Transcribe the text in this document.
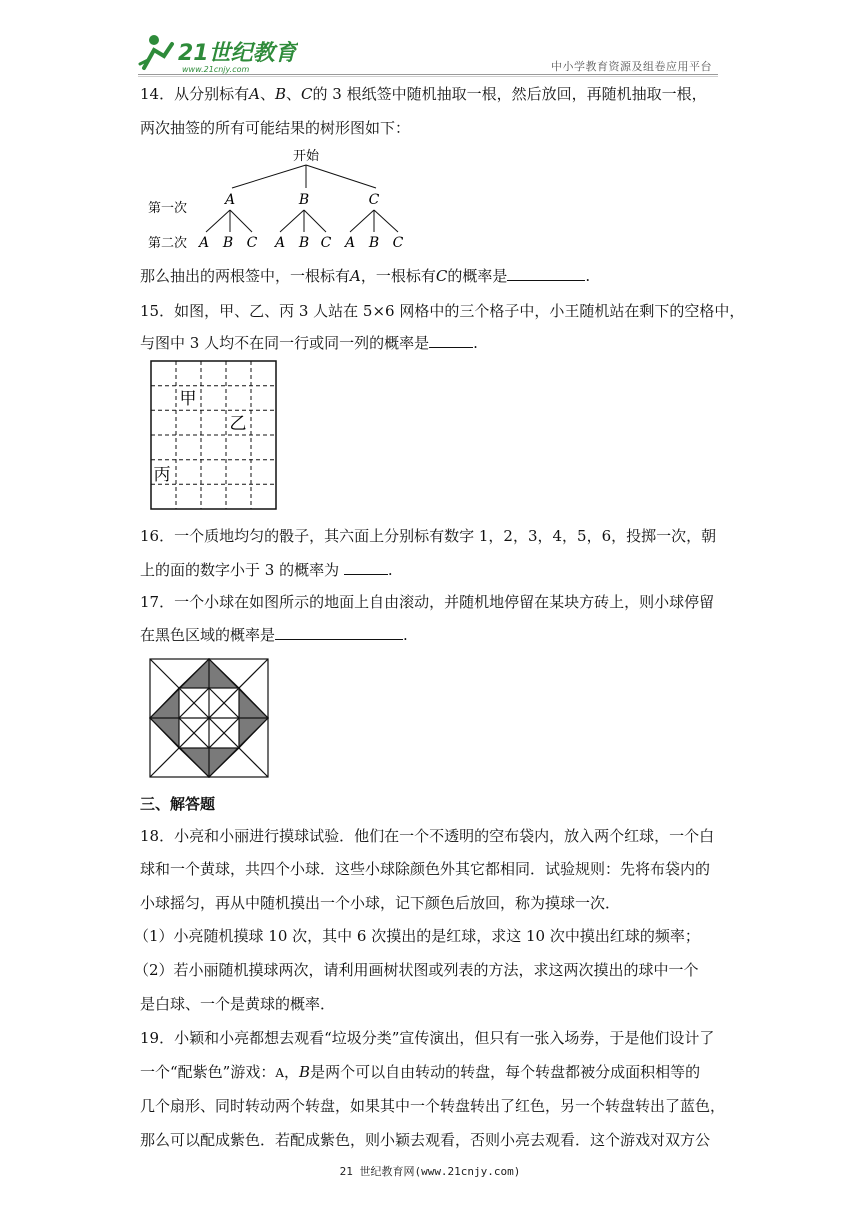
21世纪教育
www.21cnjy.com	中小学教育资源及组卷应用平台
14．从分别标有A、B、C的 3 根纸签中随机抽取一根，然后放回，再随机抽取一根，
两次抽签的所有可能结果的树形图如下：
开始
第一次
A	B	C
第二次 A B C A B C A B C
那么抽出的两根签中，一根标有A，一根标有C的概率是	.
15．如图，甲、乙、丙 3 人站在 5×6 网格中的三个格子中，小王随机站在剩下的空格中，
与图中 3 人均不在同一行或同一列的概率是	.
甲
乙
丙
16．一个质地均匀的骰子，其六面上分别标有数字 1，2，3，4，5，6，投掷一次，朝
上的面的数字小于 3 的概率为	.
17．一个小球在如图所示的地面上自由滚动，并随机地停留在某块方砖上，则小球停留
在黑色区域的概率是	.
三、解答题
18．小亮和小丽进行摸球试验．他们在一个不透明的空布袋内，放入两个红球，一个白
球和一个黄球，共四个小球．这些小球除颜色外其它都相同．试验规则：先将布袋内的
小球摇匀，再从中随机摸出一个小球，记下颜色后放回，称为摸球一次．
（1）小亮随机摸球 10 次，其中 6 次摸出的是红球，求这 10 次中摸出红球的频率；
（2）若小丽随机摸球两次，请利用画树状图或列表的方法，求这两次摸出的球中一个
是白球、一个是黄球的概率．
19．小颖和小亮都想去观看“垃圾分类”宣传演出，但只有一张入场券，于是他们设计了
一个“配紫色”游戏：A，B是两个可以自由转动的转盘，每个转盘都被分成面积相等的
几个扇形、同时转动两个转盘，如果其中一个转盘转出了红色，另一个转盘转出了蓝色，
那么可以配成紫色．若配成紫色，则小颖去观看，否则小亮去观看．这个游戏对双方公
21 世纪教育网(www.21cnjy.com)
